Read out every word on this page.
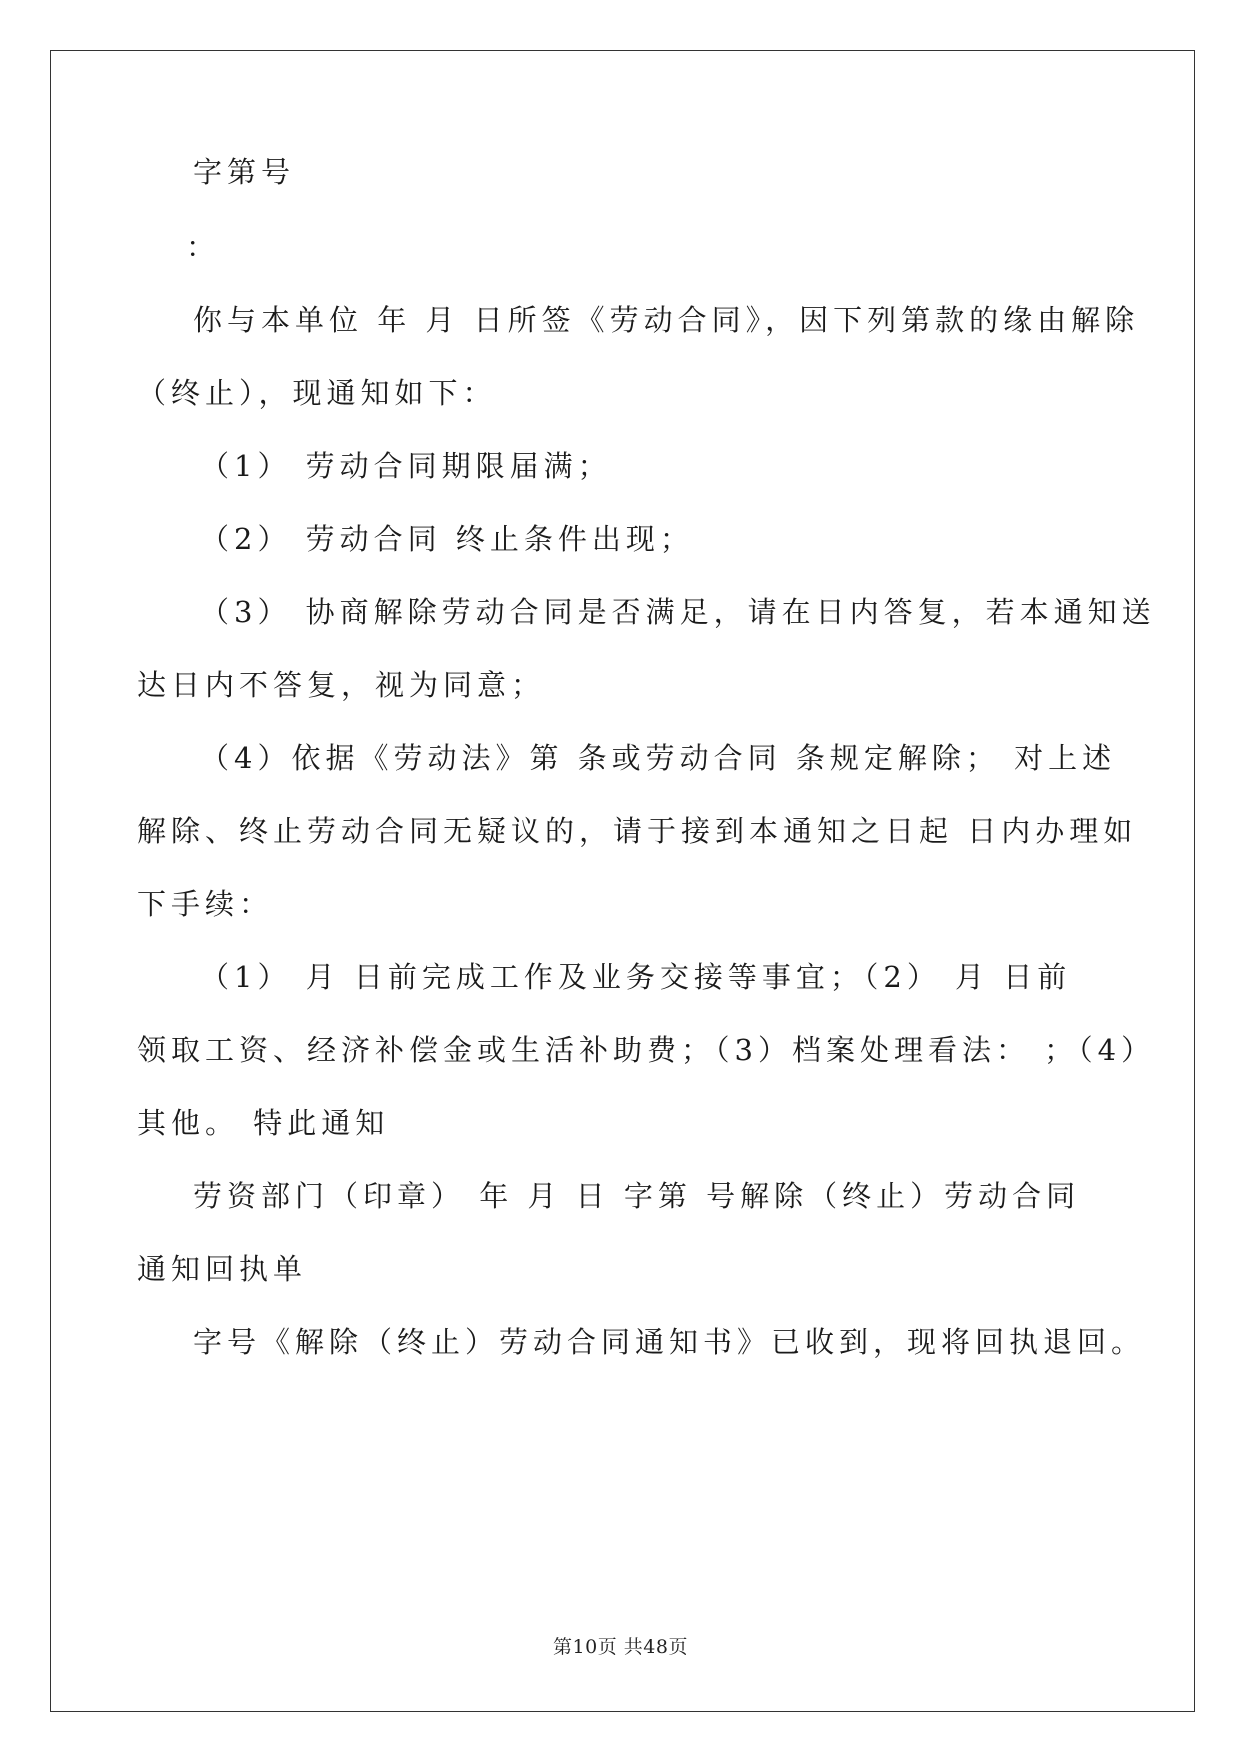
字第号

：

你与本单位 年 月 日所签《劳动合同》，因下列第款的缘由解除

（终止），现通知如下：

（1） 劳动合同期限届满；

（2） 劳动合同 终止条件出现；

（3） 协商解除劳动合同是否满足，请在日内答复，若本通知送

达日内不答复，视为同意；

（4）依据《劳动法》第 条或劳动合同 条规定解除； 对上述

解除、终止劳动合同无疑议的，请于接到本通知之日起 日内办理如

下手续：

（1） 月 日前完成工作及业务交接等事宜；（2） 月 日前

领取工资、经济补偿金或生活补助费；（3）档案处理看法： ；（4）

其他。 特此通知

劳资部门（印章） 年 月 日 字第 号解除（终止）劳动合同

通知回执单

字号《解除（终止）劳动合同通知书》已收到，现将回执退回。

第10页 共48页
